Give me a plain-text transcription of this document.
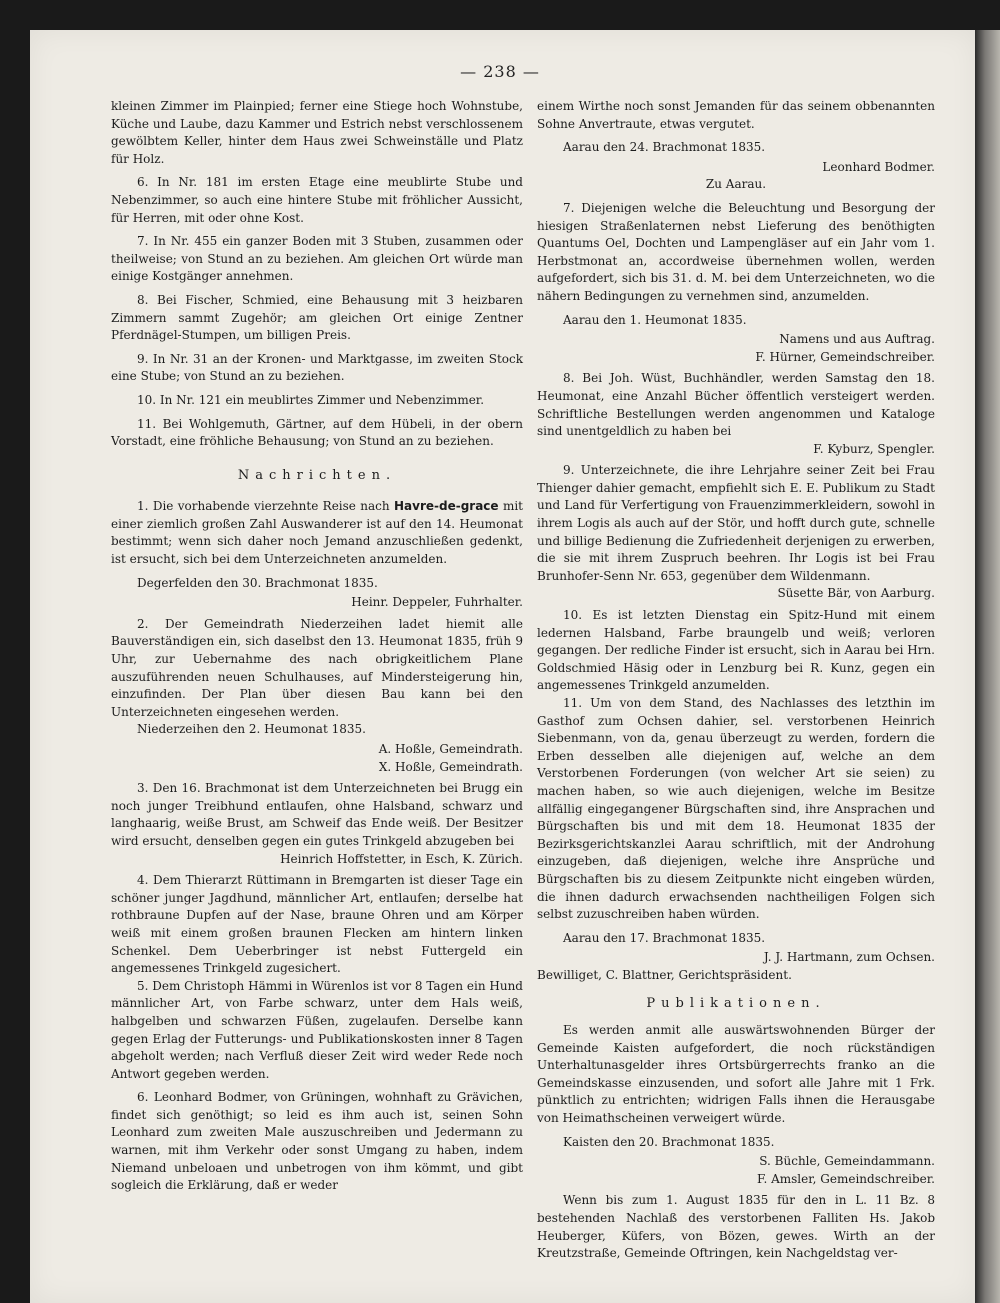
— 238 —

kleinen Zimmer im Plainpied; ferner eine Stiege hoch Wohnstube, Küche und Laube, dazu Kammer und Estrich nebst verschlossenem gewölbtem Keller, hinter dem Haus zwei Schweinställe und Platz für Holz.

6. In Nr. 181 im ersten Etage eine meublirte Stube und Nebenzimmer, so auch eine hintere Stube mit fröhlicher Aussicht, für Herren, mit oder ohne Kost.

7. In Nr. 455 ein ganzer Boden mit 3 Stuben, zusammen oder theilweise; von Stund an zu beziehen. Am gleichen Ort würde man einige Kostgänger annehmen.

8. Bei Fischer, Schmied, eine Behausung mit 3 heizbaren Zimmern sammt Zugehör; am gleichen Ort einige Zentner Pferdnägel-Stumpen, um billigen Preis.

9. In Nr. 31 an der Kronen- und Marktgasse, im zweiten Stock eine Stube; von Stund an zu beziehen.

10. In Nr. 121 ein meublirtes Zimmer und Nebenzimmer.

11. Bei Wohlgemuth, Gärtner, auf dem Hübeli, in der obern Vorstadt, eine fröhliche Behausung; von Stund an zu beziehen.

Nachrichten.

1. Die vorhabende vierzehnte Reise nach Havre-de-grace mit einer ziemlich großen Zahl Auswanderer ist auf den 14. Heumonat bestimmt; wenn sich daher noch Jemand anzuschließen gedenkt, ist ersucht, sich bei dem Unterzeichneten anzumelden.

Degerfelden den 30. Brachmonat 1835.

Heinr. Deppeler, Fuhrhalter.

2. Der Gemeindrath Niederzeihen ladet hiemit alle Bauverständigen ein, sich daselbst den 13. Heumonat 1835, früh 9 Uhr, zur Uebernahme des nach obrigkeitlichem Plane auszuführenden neuen Schulhauses, auf Mindersteigerung hin, einzufinden. Der Plan über diesen Bau kann bei den Unterzeichneten eingesehen werden.

Niederzeihen den 2. Heumonat 1835.

A. Hoßle, Gemeindrath.

X. Hoßle, Gemeindrath.

3. Den 16. Brachmonat ist dem Unterzeichneten bei Brugg ein noch junger Treibhund entlaufen, ohne Halsband, schwarz und langhaarig, weiße Brust, am Schweif das Ende weiß. Der Besitzer wird ersucht, denselben gegen ein gutes Trinkgeld abzugeben bei

Heinrich Hoffstetter, in Esch, K. Zürich.

4. Dem Thierarzt Rüttimann in Bremgarten ist dieser Tage ein schöner junger Jagdhund, männlicher Art, entlaufen; derselbe hat rothbraune Dupfen auf der Nase, braune Ohren und am Körper weiß mit einem großen braunen Flecken am hintern linken Schenkel. Dem Ueberbringer ist nebst Futtergeld ein angemessenes Trinkgeld zugesichert.

5. Dem Christoph Hämmi in Würenlos ist vor 8 Tagen ein Hund männlicher Art, von Farbe schwarz, unter dem Hals weiß, halbgelben und schwarzen Füßen, zugelaufen. Derselbe kann gegen Erlag der Futterungs- und Publikationskosten inner 8 Tagen abgeholt werden; nach Verfluß dieser Zeit wird weder Rede noch Antwort gegeben werden.

6. Leonhard Bodmer, von Grüningen, wohnhaft zu Grävichen, findet sich genöthigt; so leid es ihm auch ist, seinen Sohn Leonhard zum zweiten Male auszuschreiben und Jedermann zu warnen, mit ihm Verkehr oder sonst Umgang zu haben, indem Niemand unbeloaen und unbetrogen von ihm kömmt, und gibt sogleich die Erklärung, daß er weder

einem Wirthe noch sonst Jemanden für das seinem obbenannten Sohne Anvertraute, etwas vergutet.

Aarau den 24. Brachmonat 1835.

Leonhard Bodmer.

Zu Aarau.

7. Diejenigen welche die Beleuchtung und Besorgung der hiesigen Straßenlaternen nebst Lieferung des benöthigten Quantums Oel, Dochten und Lampengläser auf ein Jahr vom 1. Herbstmonat an, accordweise übernehmen wollen, werden aufgefordert, sich bis 31. d. M. bei dem Unterzeichneten, wo die nähern Bedingungen zu vernehmen sind, anzumelden.

Aarau den 1. Heumonat 1835.

Namens und aus Auftrag.

F. Hürner, Gemeindschreiber.

8. Bei Joh. Wüst, Buchhändler, werden Samstag den 18. Heumonat, eine Anzahl Bücher öffentlich versteigert werden. Schriftliche Bestellungen werden angenommen und Kataloge sind unentgeldlich zu haben bei

F. Kyburz, Spengler.

9. Unterzeichnete, die ihre Lehrjahre seiner Zeit bei Frau Thienger dahier gemacht, empfiehlt sich E. E. Publikum zu Stadt und Land für Verfertigung von Frauenzimmerkleidern, sowohl in ihrem Logis als auch auf der Stör, und hofft durch gute, schnelle und billige Bedienung die Zufriedenheit derjenigen zu erwerben, die sie mit ihrem Zuspruch beehren. Ihr Logis ist bei Frau Brunhofer-Senn Nr. 653, gegenüber dem Wildenmann.

Süsette Bär, von Aarburg.

10. Es ist letzten Dienstag ein Spitz-Hund mit einem ledernen Halsband, Farbe braungelb und weiß; verloren gegangen. Der redliche Finder ist ersucht, sich in Aarau bei Hrn. Goldschmied Häsig oder in Lenzburg bei R. Kunz, gegen ein angemessenes Trinkgeld anzumelden.

11. Um von dem Stand, des Nachlasses des letzthin im Gasthof zum Ochsen dahier, sel. verstorbenen Heinrich Siebenmann, von da, genau überzeugt zu werden, fordern die Erben desselben alle diejenigen auf, welche an dem Verstorbenen Forderungen (von welcher Art sie seien) zu machen haben, so wie auch diejenigen, welche im Besitze allfällig eingegangener Bürgschaften sind, ihre Ansprachen und Bürgschaften bis und mit dem 18. Heumonat 1835 der Bezirksgerichtskanzlei Aarau schriftlich, mit der Androhung einzugeben, daß diejenigen, welche ihre Ansprüche und Bürgschaften bis zu diesem Zeitpunkte nicht eingeben würden, die ihnen dadurch erwachsenden nachtheiligen Folgen sich selbst zuzuschreiben haben würden.

Aarau den 17. Brachmonat 1835.

J. J. Hartmann, zum Ochsen.

Bewilliget, C. Blattner, Gerichtspräsident.

Publikationen.

Es werden anmit alle auswärtswohnenden Bürger der Gemeinde Kaisten aufgefordert, die noch rückständigen Unterhaltunasgelder ihres Ortsbürgerrechts franko an die Gemeindskasse einzusenden, und sofort alle Jahre mit 1 Frk. pünktlich zu entrichten; widrigen Falls ihnen die Herausgabe von Heimathscheinen verweigert würde.

Kaisten den 20. Brachmonat 1835.

S. Büchle, Gemeindammann.

F. Amsler, Gemeindschreiber.

Wenn bis zum 1. August 1835 für den in L. 11 Bz. 8 bestehenden Nachlaß des verstorbenen Falliten Hs. Jakob Heuberger, Küfers, von Bözen, gewes. Wirth an der Kreutzstraße, Gemeinde Oftringen, kein Nachgeldstag ver-
